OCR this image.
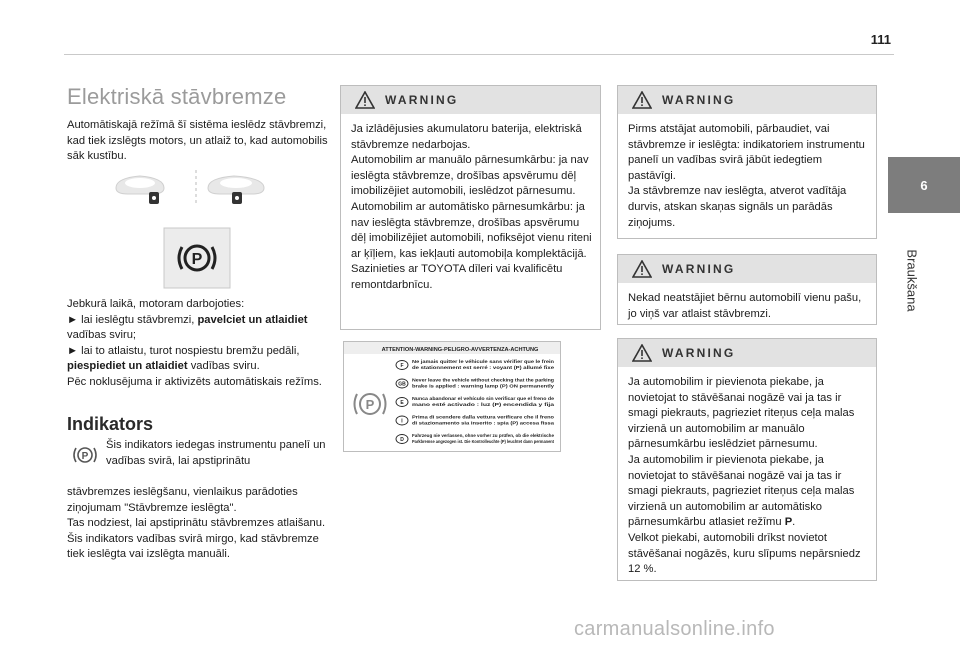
111
6
Braukšana
Elektriskā stāvbremze
Automātiskajā režīmā šī sistēma ieslēdz stāvbremzi, kad tiek izslēgts motors, un atlaiž to, kad automobilis sāk kustību.
P
Jebkurā laikā, motoram darbojoties:
► lai ieslēgtu stāvbremzi, pavelciet un atlaidiet vadības sviru;
► lai to atlaistu, turot nospiestu bremžu pedāli, piespiediet un atlaidiet vadības sviru.
Pēc noklusējuma ir aktivizēts automātiskais režīms.
Indikators
P
Šis indikators iedegas instrumentu panelī un vadības svirā, lai apstiprinātu
stāvbremzes ieslēgšanu, vienlaikus parādoties ziņojumam "Stāvbremze ieslēgta".
Tas nodziest, lai apstiprinātu stāvbremzes atlaišanu.
Šis indikators vadības svirā mirgo, kad stāvbremze tiek ieslēgta vai izslēgta manuāli.
WARNING
Ja izlādējusies akumulatoru baterija, elektriskā stāvbremze nedarbojas.
Automobilim ar manuālo pārnesumkārbu: ja nav ieslēgta stāvbremze, drošības apsvērumu dēļ imobilizējiet automobili, ieslēdzot pārnesumu.
Automobilim ar automātisko pārnesumkārbu: ja nav ieslēgta stāvbremze, drošības apsvērumu dēļ imobilizējiet automobili, nofiksējot vienu riteni ar ķīļiem, kas iekļauti automobiļa komplektācijā.
Sazinieties ar TOYOTA dīleri vai kvalificētu remontdarbnīcu.
WARNING
Pirms atstājat automobili, pārbaudiet, vai stāvbremze ir ieslēgta: indikatoriem instrumentu panelī un vadības svirā jābūt iedegtiem pastāvīgi.
Ja stāvbremze nav ieslēgta, atverot vadītāja durvis, atskan skaņas signāls un parādās ziņojums.
WARNING
Nekad neatstājiet bērnu automobilī vienu pašu, jo viņš var atlaist stāvbremzi.
WARNING
Ja automobilim ir pievienota piekabe, ja novietojat to stāvēšanai nogāzē vai ja tas ir smagi piekrauts, pagrieziet riteņus ceļa malas virzienā un automobilim ar manuālo pārnesumkārbu ieslēdziet pārnesumu.
Ja automobilim ir pievienota piekabe, ja novietojat to stāvēšanai nogāzē vai ja tas ir smagi piekrauts, pagrieziet riteņus ceļa malas virzienā un automobilim ar automātisko pārnesumkārbu atlasiet režīmu P.
Velkot piekabi, automobili drīkst novietot stāvēšanai nogāzēs, kuru slīpums nepārsniedz 12 %.
ATTENTION-WARNING-PELIGRO-AVVERTENZA-ACHTUNG
P
F
Ne jamais quitter le véhicule sans vérifier que le frein
de stationnement est serré : voyant (P) allumé fixe
GB
Never leave the vehicle without checking that the parking
brake is applied : warning lamp (P) ON permanently
E
Nunca abandonar el vehículo sin verificar que el freno de
mano esté activado : luz (P) encendida y fija
I
Prima di scendere dalla vettura verificare che il freno
di stazionamento sia inserito : spia (P) accesa fissa
D
Fahrzeug nie verlassen, ohne vorher zu prüfen, ob die elektrische
Parkbremse angezogen ist. Die Kontrolleuchte (P) leuchtet dann permanent
carmanualsonline.info
